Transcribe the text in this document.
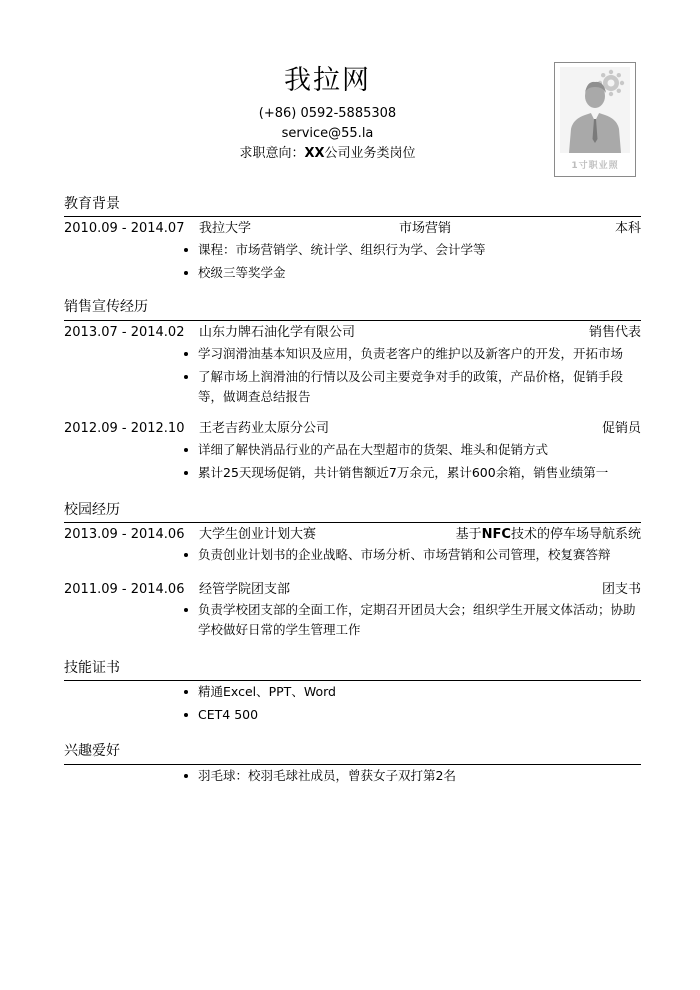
我拉网
(+86) 0592-5885308
service@55.la
求职意向：XX公司业务类岗位
1寸职业照
教育背景
2010.09 - 2014.07 我拉大学	市场营销	本科
课程：市场营销学、统计学、组织行为学、会计学等
校级三等奖学金
销售宣传经历
2013.07 - 2014.02 山东力牌石油化学有限公司	销售代表
学习润滑油基本知识及应用，负责老客户的维护以及新客户的开发，开拓市场
了解市场上润滑油的行情以及公司主要竞争对手的政策，产品价格，促销手段等，做调查总结报告
2012.09 - 2012.10 王老吉药业太原分公司	促销员
详细了解快消品行业的产品在大型超市的货架、堆头和促销方式
累计25天现场促销，共计销售额近7万余元，累计600余箱，销售业绩第一
校园经历
2013.09 - 2014.06 大学生创业计划大赛	基于NFC技术的停车场导航系统
负责创业计划书的企业战略、市场分析、市场营销和公司管理，校复赛答辩
2011.09 - 2014.06 经管学院团支部	团支书
负责学校团支部的全面工作，定期召开团员大会；组织学生开展文体活动；协助学校做好日常的学生管理工作
技能证书
精通Excel、PPT、Word
CET4 500
兴趣爱好
羽毛球：校羽毛球社成员，曾获女子双打第2名
